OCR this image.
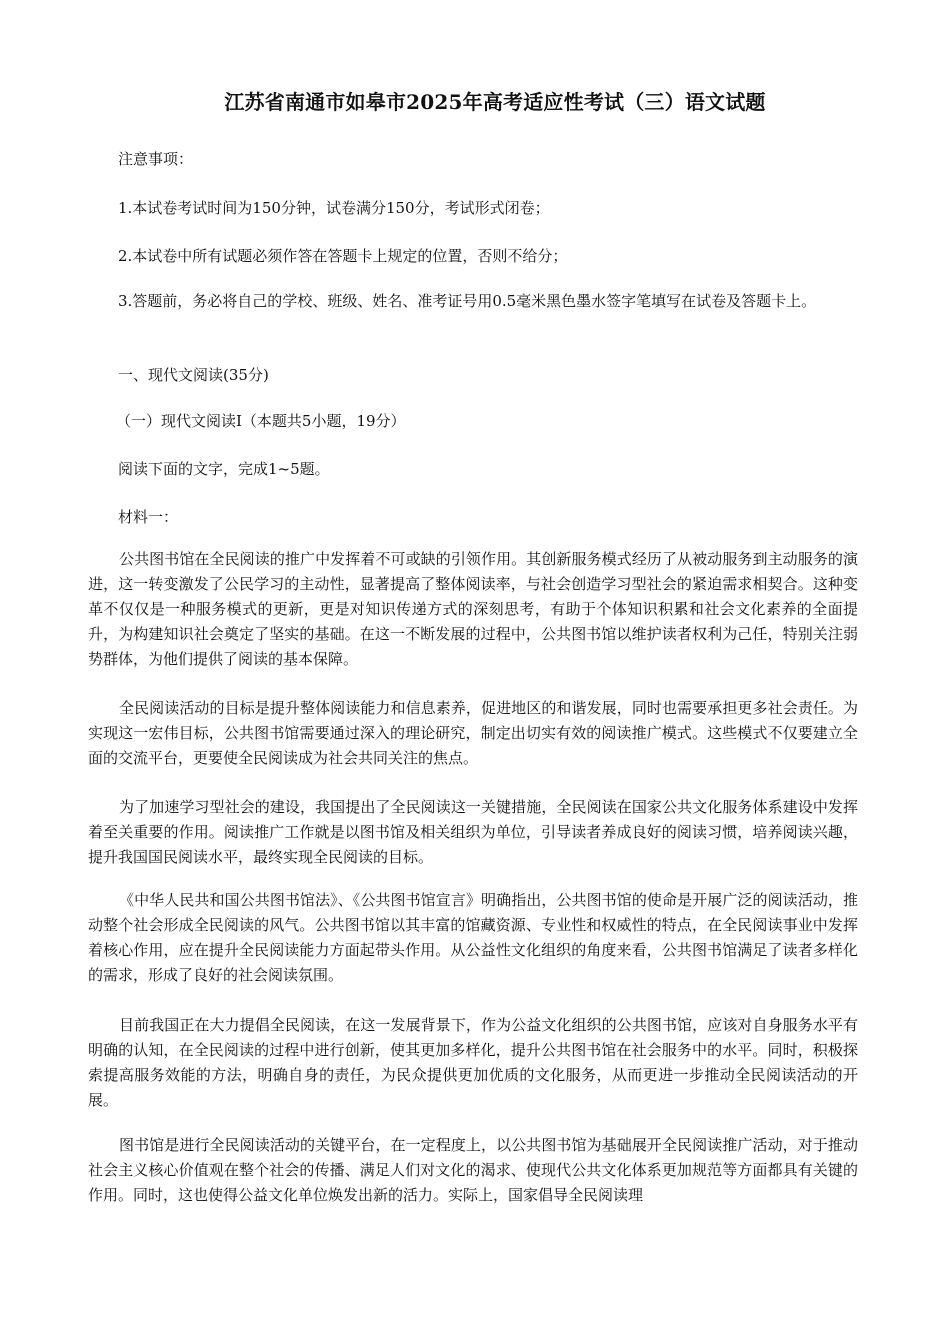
江苏省南通市如皋市2025年高考适应性考试（三）语文试题
注意事项：
1.本试卷考试时间为150分钟，试卷满分150分，考试形式闭卷；
2.本试卷中所有试题必须作答在答题卡上规定的位置，否则不给分；
3.答题前，务必将自己的学校、班级、姓名、准考证号用0.5毫米黑色墨水签字笔填写在试卷及答题卡上。
一、现代文阅读(35分)
（一）现代文阅读Ⅰ（本题共5小题，19分）
阅读下面的文字，完成1~5题。
材料一：
公共图书馆在全民阅读的推广中发挥着不可或缺的引领作用。其创新服务模式经历了从被动服务到主动服务的演进，这一转变激发了公民学习的主动性，显著提高了整体阅读率，与社会创造学习型社会的紧迫需求相契合。这种变革不仅仅是一种服务模式的更新，更是对知识传递方式的深刻思考，有助于个体知识积累和社会文化素养的全面提升，为构建知识社会奠定了坚实的基础。在这一不断发展的过程中，公共图书馆以维护读者权利为己任，特别关注弱势群体，为他们提供了阅读的基本保障。
全民阅读活动的目标是提升整体阅读能力和信息素养，促进地区的和谐发展，同时也需要承担更多社会责任。为实现这一宏伟目标，公共图书馆需要通过深入的理论研究，制定出切实有效的阅读推广模式。这些模式不仅要建立全面的交流平台，更要使全民阅读成为社会共同关注的焦点。
为了加速学习型社会的建设，我国提出了全民阅读这一关键措施，全民阅读在国家公共文化服务体系建设中发挥着至关重要的作用。阅读推广工作就是以图书馆及相关组织为单位，引导读者养成良好的阅读习惯，培养阅读兴趣，提升我国国民阅读水平，最终实现全民阅读的目标。
《中华人民共和国公共图书馆法》、《公共图书馆宣言》明确指出，公共图书馆的使命是开展广泛的阅读活动，推动整个社会形成全民阅读的风气。公共图书馆以其丰富的馆藏资源、专业性和权威性的特点，在全民阅读事业中发挥着核心作用，应在提升全民阅读能力方面起带头作用。从公益性文化组织的角度来看，公共图书馆满足了读者多样化的需求，形成了良好的社会阅读氛围。
目前我国正在大力提倡全民阅读，在这一发展背景下，作为公益文化组织的公共图书馆，应该对自身服务水平有明确的认知，在全民阅读的过程中进行创新，使其更加多样化，提升公共图书馆在社会服务中的水平。同时，积极探索提高服务效能的方法，明确自身的责任，为民众提供更加优质的文化服务，从而更进一步推动全民阅读活动的开展。
图书馆是进行全民阅读活动的关键平台，在一定程度上，以公共图书馆为基础展开全民阅读推广活动，对于推动社会主义核心价值观在整个社会的传播、满足人们对文化的渴求、使现代公共文化体系更加规范等方面都具有关键的作用。同时，这也使得公益文化单位焕发出新的活力。实际上，国家倡导全民阅读理
